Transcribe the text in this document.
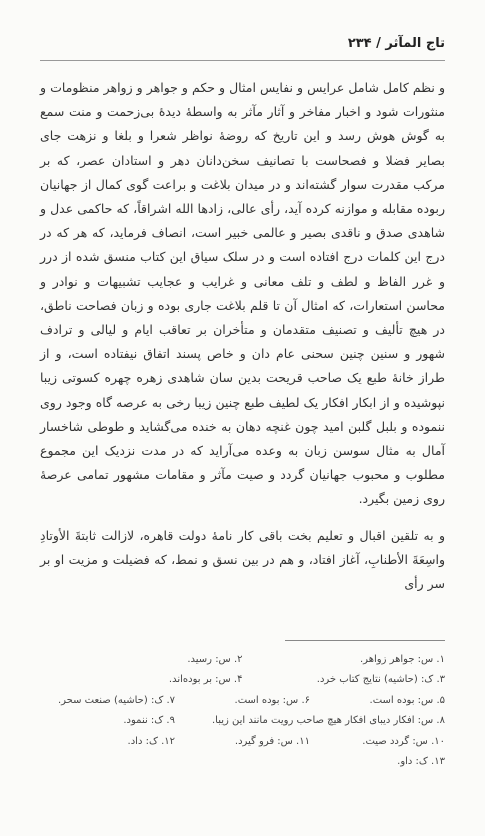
تاج المآثر / ۲۳۴

و نظم کامل شامل عرایس و نفایس امثال و حکم و جواهر و زواهر منظومات و منثورات شود و اخبار مفاخر و آثار مآثر به واسطهٔ دیدهٔ بی‌زحمت و منت سمع به گوش هوش رسد و این تاریخ که روضهٔ نواظر شعرا و بلغا و نزهت جای بصایر فضلا و فصحاست با تصانیف سخن‌دانان دهر و استادان عصر، که بر مرکب مقدرت سوار گشته‌اند و در میدان بلاغت و براعت گوی کمال از جهانیان ربوده مقابله و موازنه کرده آید، رأی عالی، زادها الله اشراقاً، که حاکمی عدل و شاهدی صدق و ناقدی بصیر و عالمی خبیر است، انصاف فرماید، که هر که در درج این کلمات درج افتاده است و در سلک سیاق این کتاب منسق شده از درر و غرر الفاظ و لطف و تلف معانی و غرایب و عجایب تشبیهات و نوادر و محاسن استعارات، که امثال آن تا قلم بلاغت جاری بوده و زبان فصاحت ناطق، در هیچ تألیف و تصنیف متقدمان و متأخران بر تعاقب ایام و لیالی و ترادف شهور و سنین چنین سحنی عام دان و خاص پسند اتفاق نیفتاده است، و از طراز خانهٔ طبع یک صاحب قریحت بدین سان شاهدی زهره چهره کسوتی زیبا نپوشیده و از ابکار افکار یک لطیف طبع چنین زیبا رخی به عرصه گاه وجود روی ننموده و بلبل گلبن امید چون غنچه دهان به خنده می‌گشاید و طوطی شاخسار آمال به مثال سوسن زبان به وعده می‌آراید که در مدت نزدیک این مجموع مطلوب و محبوب جهانیان گردد و صیت مآثر و مقامات مشهور تمامی عرصهٔ روی زمین بگیرد.

و به تلقین اقبال و تعلیم بخت باقی کار نامهٔ دولت قاهره، لازالت ثابتةَ الأوتادِ واسِعَةَ الأطنابِ، آغاز افتاد، و هم در بین نسق و نمط، که فضیلت و مزیت او بر سر رأی

۱. س: جواهر زواهر.
۲. س: رسید.
۳. ک: (حاشیه) نتایج کتاب خرد.
۴. س: بر بوده‌اند.
۵. س: بوده است.
۶. س: بوده است.
۷. ک: (حاشیه) صنعت سحر.
۸. س: افکار دیبای افکار هیچ صاحب رویت مانند این زیبا.
۹. ک: ننمود.
۱۰. س: گردد صیت.
۱۱. س: فرو گیرد.
۱۲. ک: داد.
۱۳. ک: داو.
